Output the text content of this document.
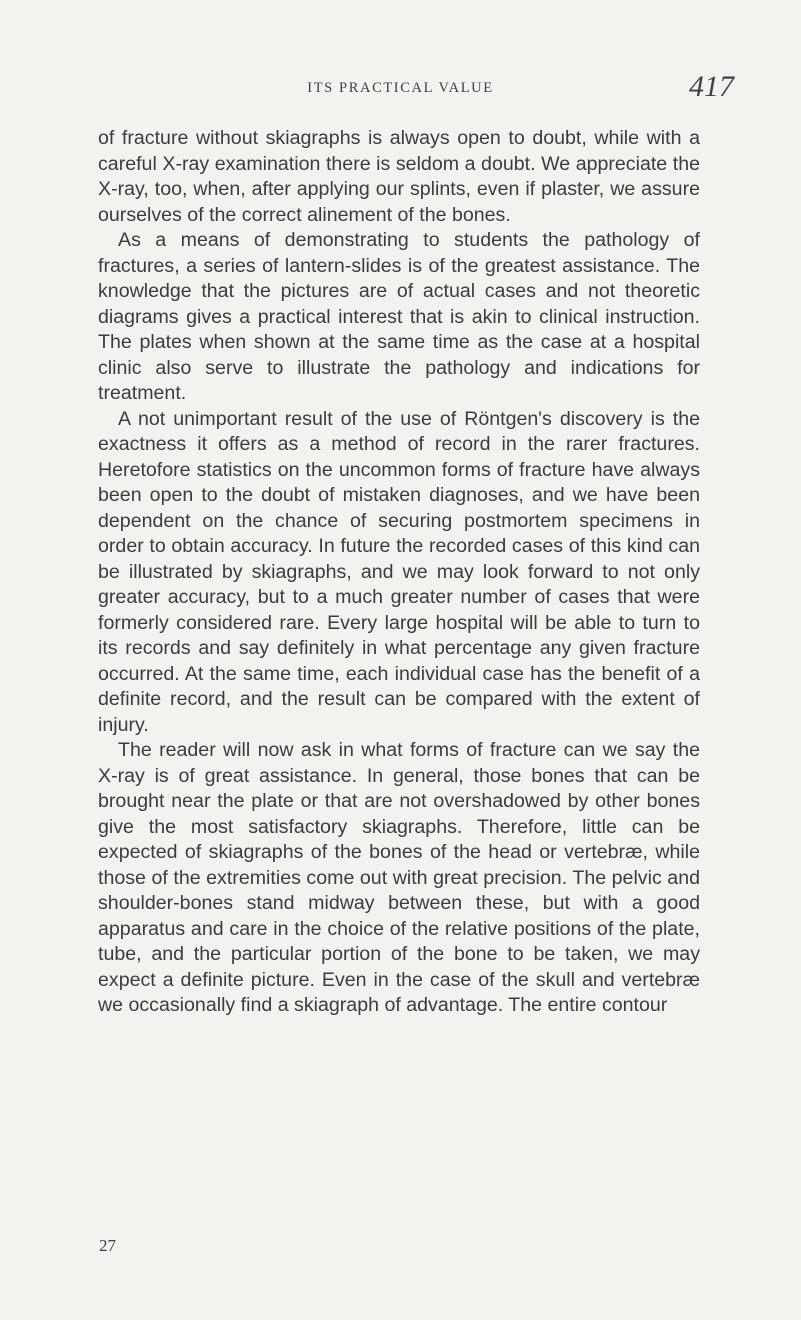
ITS PRACTICAL VALUE	417

of fracture without skiagraphs is always open to doubt, while with a careful X-ray examination there is seldom a doubt. We appreciate the X-ray, too, when, after applying our splints, even if plaster, we assure ourselves of the correct alinement of the bones.

As a means of demonstrating to students the pathology of fractures, a series of lantern-slides is of the greatest assistance. The knowledge that the pictures are of actual cases and not theoretic diagrams gives a practical interest that is akin to clinical instruction. The plates when shown at the same time as the case at a hospital clinic also serve to illustrate the pathology and indications for treatment.

A not unimportant result of the use of Röntgen's discovery is the exactness it offers as a method of record in the rarer fractures. Heretofore statistics on the uncommon forms of fracture have always been open to the doubt of mistaken diagnoses, and we have been dependent on the chance of securing postmortem specimens in order to obtain accuracy. In future the recorded cases of this kind can be illustrated by skiagraphs, and we may look forward to not only greater accuracy, but to a much greater number of cases that were formerly considered rare. Every large hospital will be able to turn to its records and say definitely in what percentage any given fracture occurred. At the same time, each individual case has the benefit of a definite record, and the result can be compared with the extent of injury.

The reader will now ask in what forms of fracture can we say the X-ray is of great assistance. In general, those bones that can be brought near the plate or that are not overshadowed by other bones give the most satisfactory skiagraphs. Therefore, little can be expected of skiagraphs of the bones of the head or vertebræ, while those of the extremities come out with great precision. The pelvic and shoulder-bones stand midway between these, but with a good apparatus and care in the choice of the relative positions of the plate, tube, and the particular portion of the bone to be taken, we may expect a definite picture. Even in the case of the skull and vertebræ we occasionally find a skiagraph of advantage. The entire contour

27
